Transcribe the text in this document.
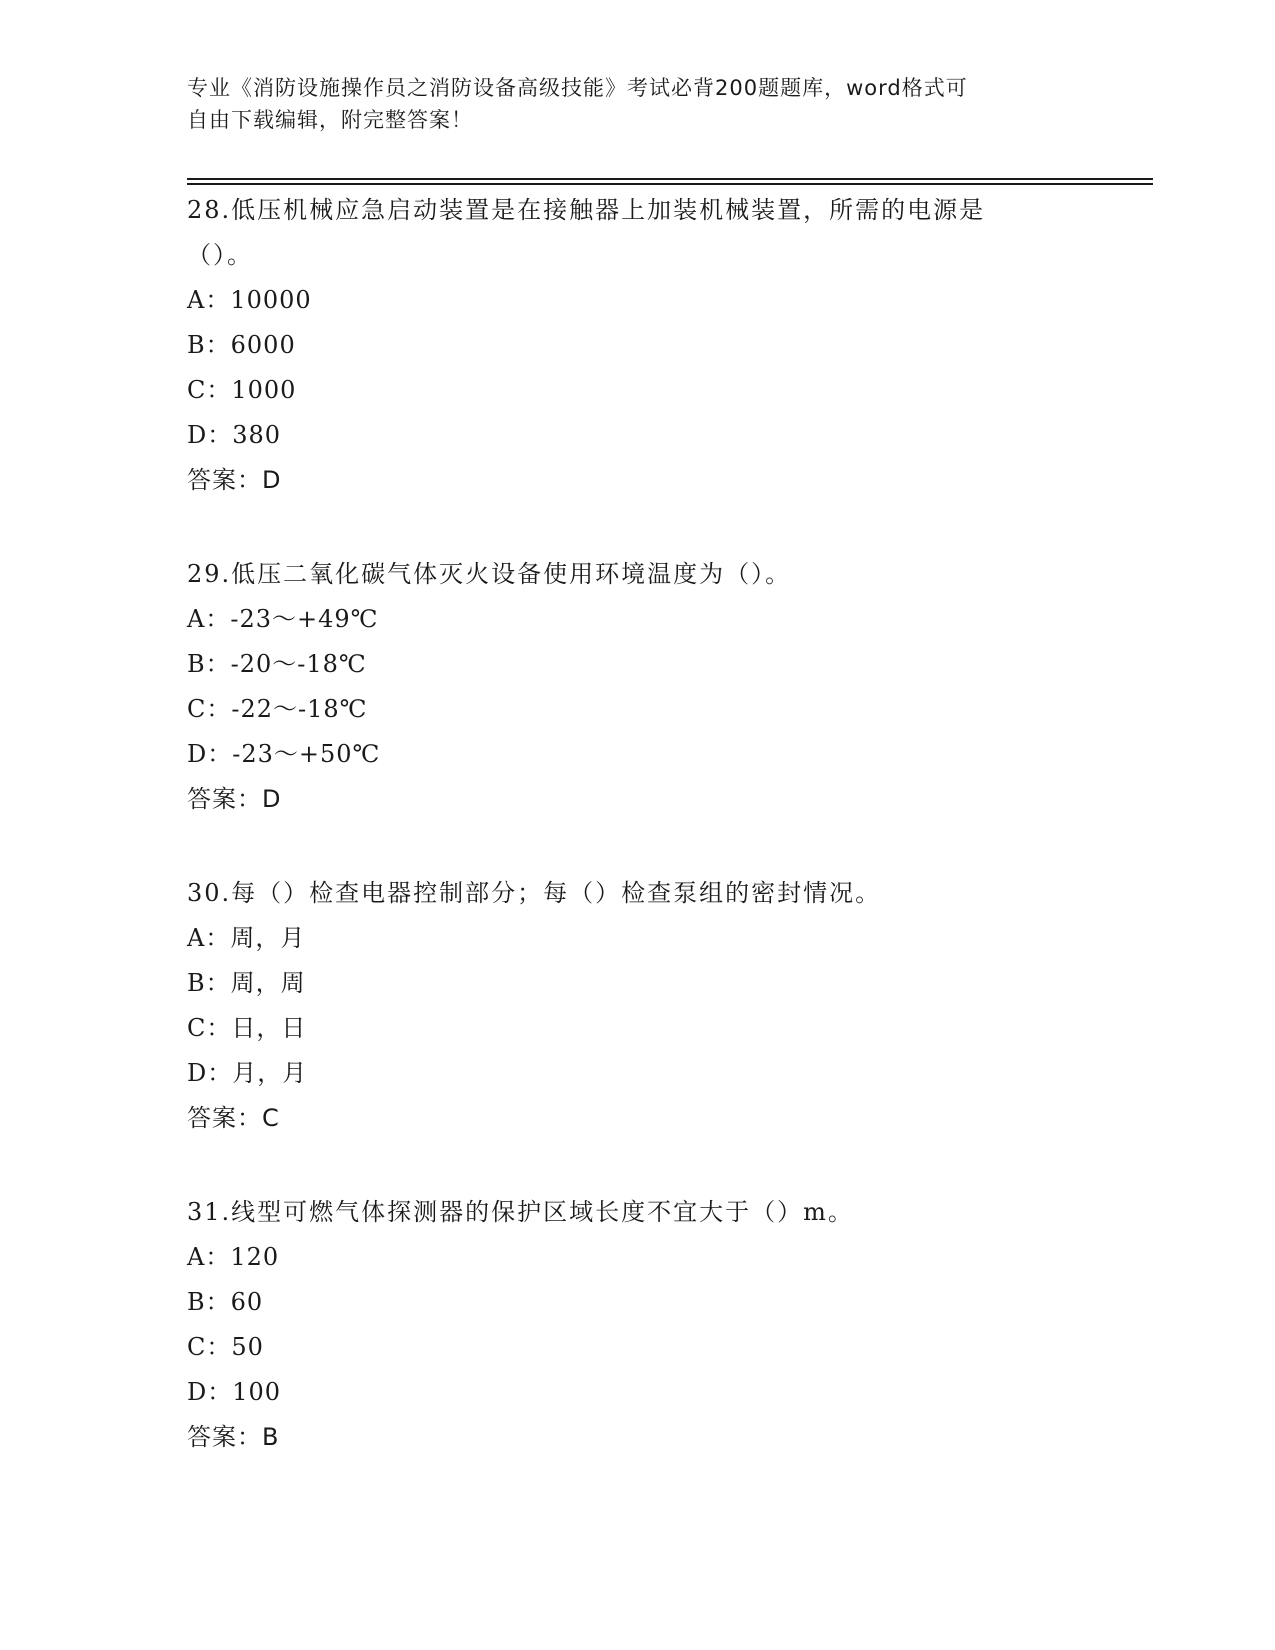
专业《消防设施操作员之消防设备高级技能》考试必背200题题库，word格式可
自由下载编辑，附完整答案！

28.低压机械应急启动装置是在接触器上加装机械装置，所需的电源是

（）。

A：10000

B：6000

C：1000

D：380

答案：D

29.低压二氧化碳气体灭火设备使用环境温度为（）。

A：-23～+49℃

B：-20～-18℃

C：-22～-18℃

D：-23～+50℃

答案：D

30.每（）检查电器控制部分；每（）检查泵组的密封情况。

A：周，月

B：周，周

C：日，日

D：月，月

答案：C

31.线型可燃气体探测器的保护区域长度不宜大于（）m。

A：120

B：60

C：50

D：100

答案：B
